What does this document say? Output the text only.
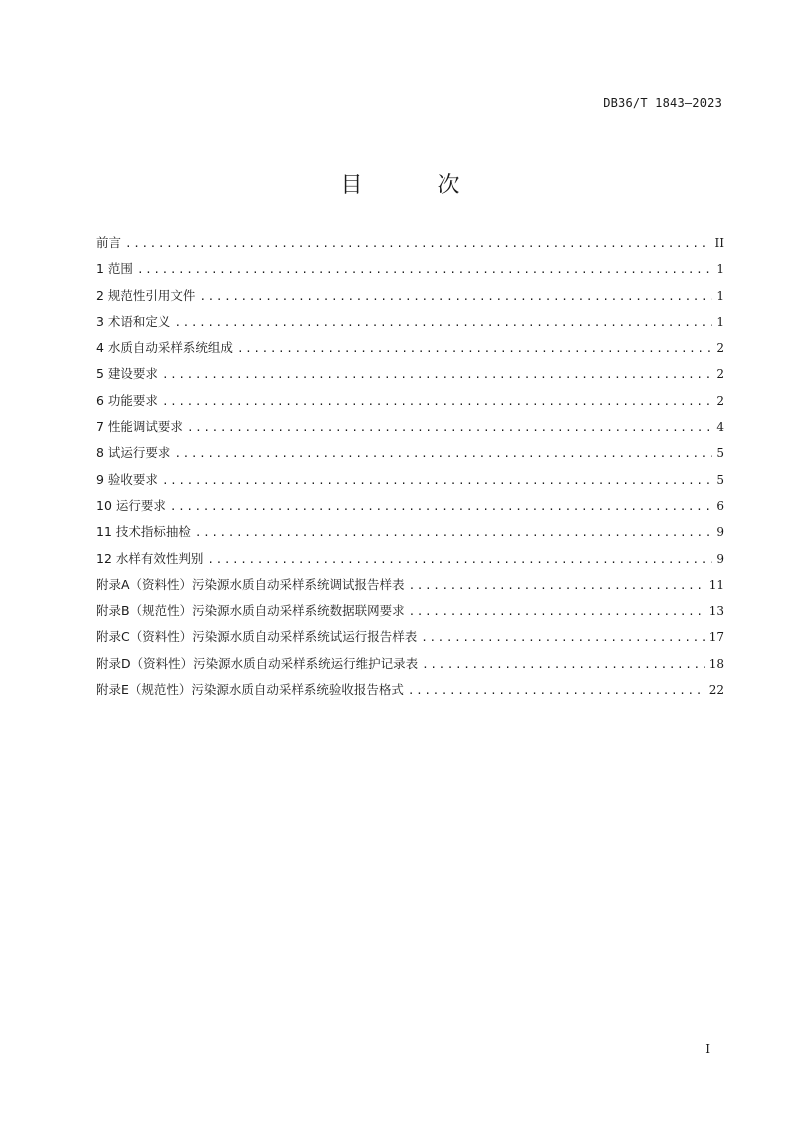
DB36/T 1843—2023
目 次
前言 .....	II
1 范围 .....	1
2 规范性引用文件 .....	1
3 术语和定义 .....	1
4 水质自动采样系统组成 .....	2
5 建设要求 .....	2
6 功能要求 .....	2
7 性能调试要求 .....	4
8 试运行要求 .....	5
9 验收要求 .....	5
10 运行要求 .....	6
11 技术指标抽检 .....	9
12 水样有效性判别 .....	9
附录A（资料性）污染源水质自动采样系统调试报告样表 .....	11
附录B（规范性）污染源水质自动采样系统数据联网要求 .....	13
附录C（资料性）污染源水质自动采样系统试运行报告样表 .....	17
附录D（资料性）污染源水质自动采样系统运行维护记录表 .....	18
附录E（规范性）污染源水质自动采样系统验收报告格式 .....	22
I
